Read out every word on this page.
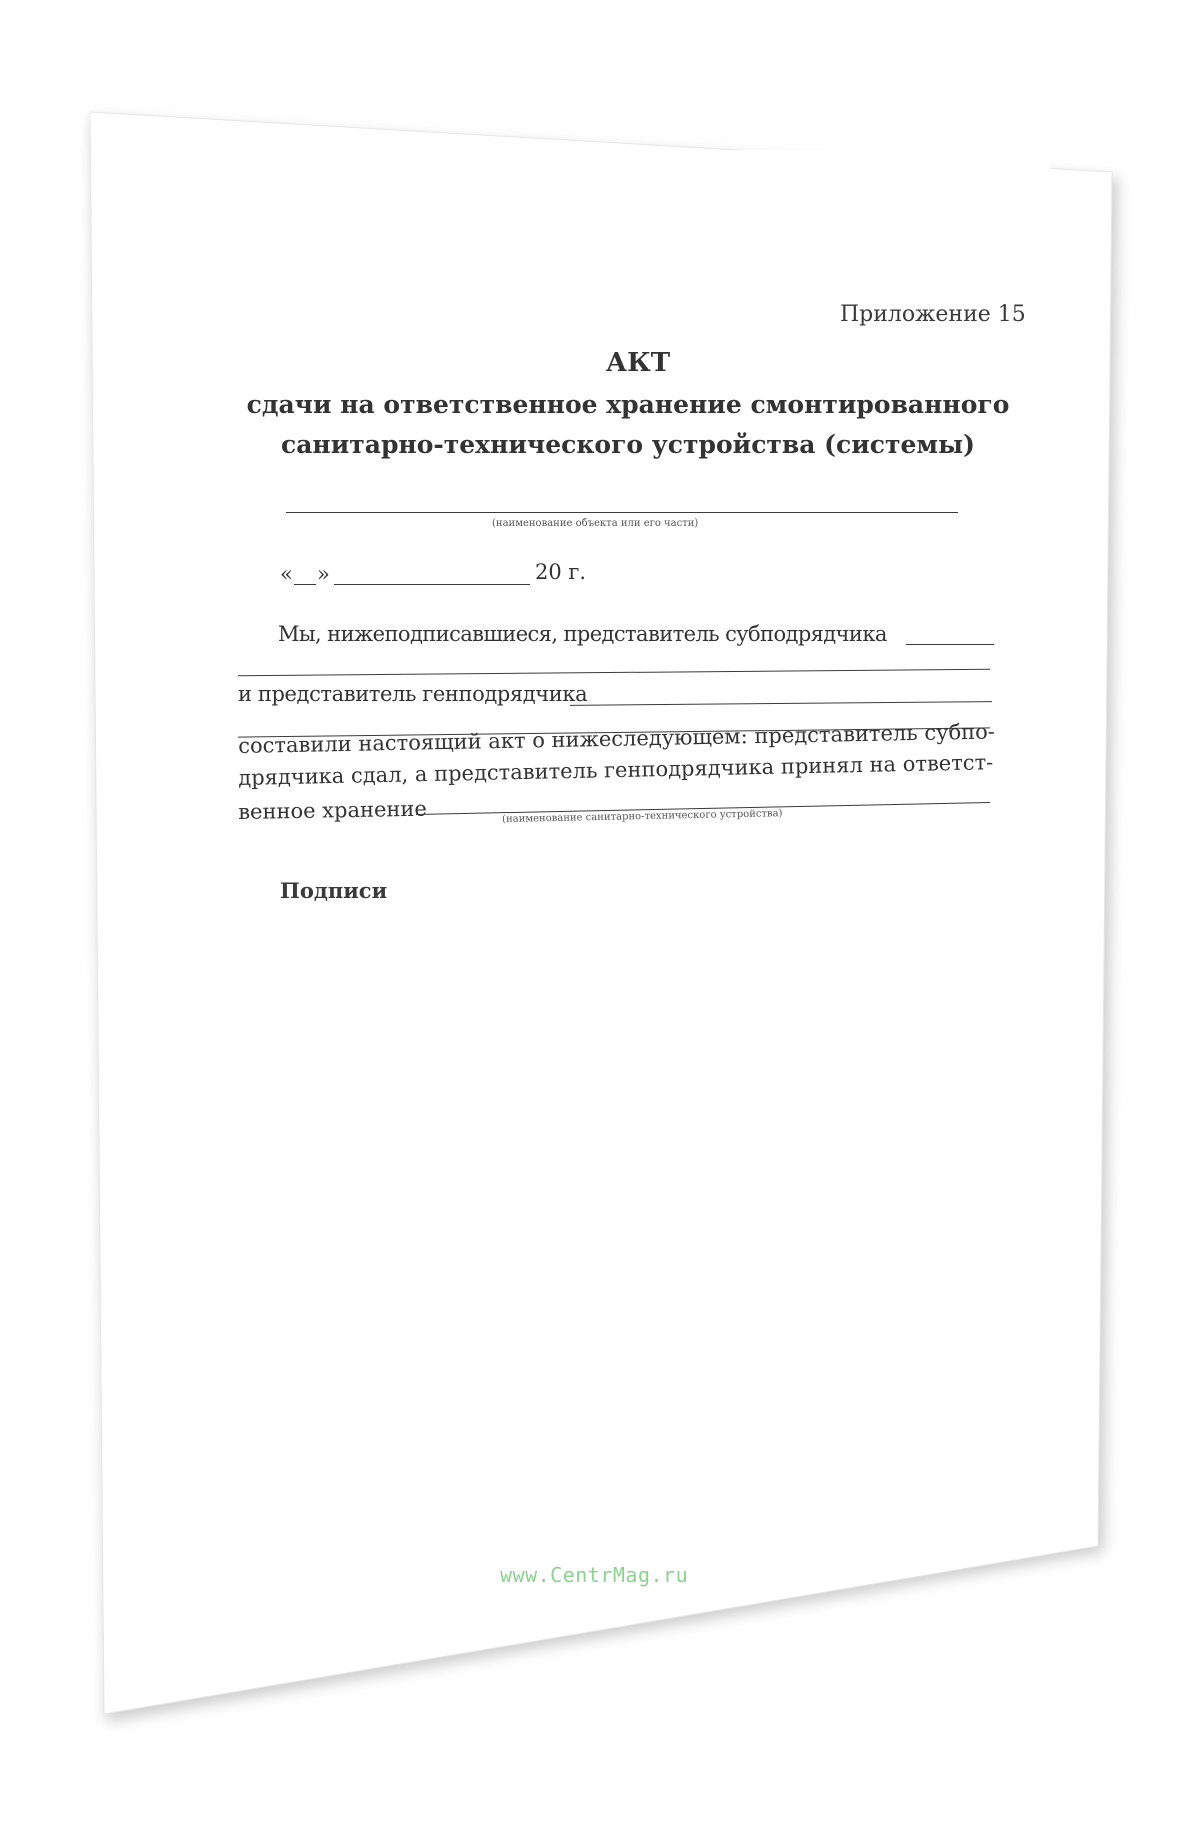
Приложение 15
АКТ
сдачи на ответственное хранение смонтированного
санитарно-технического устройства (системы)
(наименование объекта или его части)
« »	20 г.
Мы, нижеподписавшиеся, представитель субподрядчика
и представитель генподрядчика
составили настоящий акт о нижеследующем: представитель субпо-
дрядчика сдал, а представитель генподрядчика принял на ответст-
венное хранение	(наименование санитарно-технического устройства)
Подписи
www.CentrMag.ru
